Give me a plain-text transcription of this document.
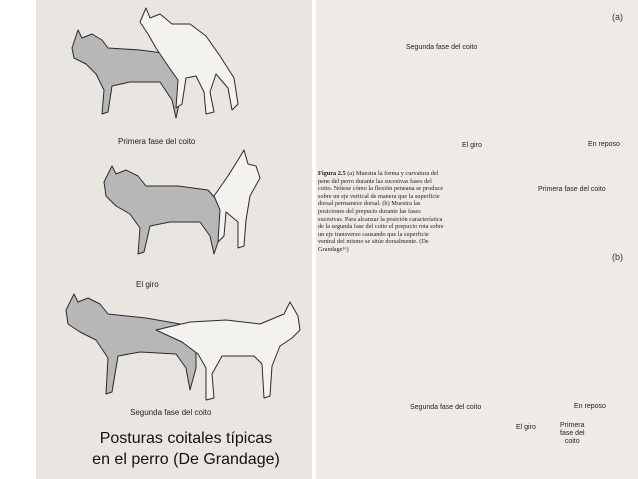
Primera fase del coito
El giro
Segunda fase del coito
(a)
(b)
Segunda fase del coito
El giro	En reposo
Primera fase del coito
Segunda fase del coito	En reposo
El giro	Primera
fase del
coito
Figura 2.5 (a) Muestra la forma y curvatura del pene del perro durante las sucesivas fases del coito. Nótese cómo la flexión peneana se produce sobre un eje vertical de manera que la superficie dorsal permanece dorsal. (b) Muestra las posiciones del prepucio durante las fases sucesivas. Para alcanzar la posición característica de la segunda fase del coito el prepucio rota sobre un eje transverso causando que la superficie ventral del mismo se sitúe dorsalmente. (De Grandage¹⁶)
Posturas coitales típicas
en el perro (De Grandage)
